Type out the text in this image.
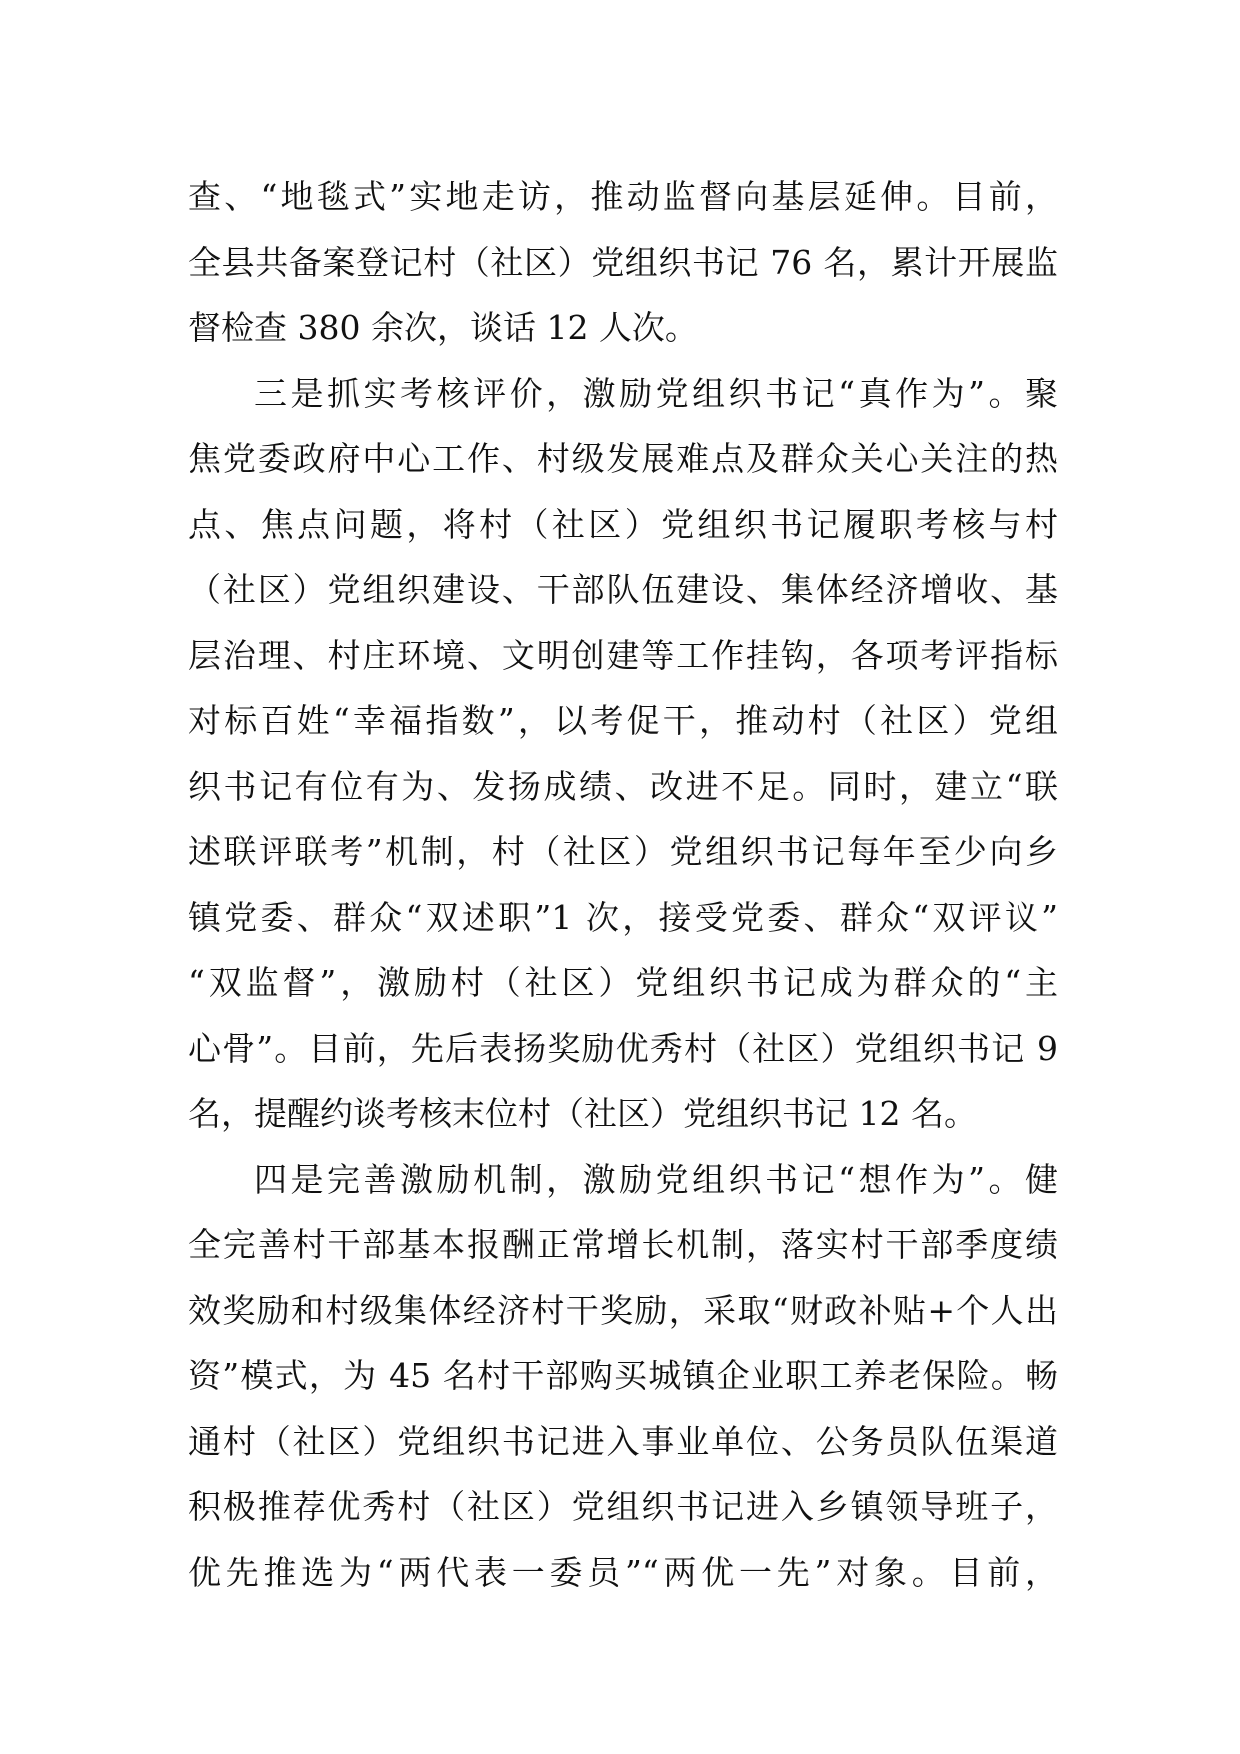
查、“地毯式”实地走访，推动监督向基层延伸。目前，
全县共备案登记村（社区）党组织书记 76 名，累计开展监
督检查 380 余次，谈话 12 人次。
三是抓实考核评价，激励党组织书记“真作为”。聚
焦党委政府中心工作、村级发展难点及群众关心关注的热
点、焦点问题，将村（社区）党组织书记履职考核与村
（社区）党组织建设、干部队伍建设、集体经济增收、基
层治理、村庄环境、文明创建等工作挂钩，各项考评指标
对标百姓“幸福指数”，以考促干，推动村（社区）党组
织书记有位有为、发扬成绩、改进不足。同时，建立“联
述联评联考”机制，村（社区）党组织书记每年至少向乡
镇党委、群众“双述职”1 次，接受党委、群众“双评议”
“双监督”，激励村（社区）党组织书记成为群众的“主
心骨”。目前，先后表扬奖励优秀村（社区）党组织书记 9
名，提醒约谈考核末位村（社区）党组织书记 12 名。
四是完善激励机制，激励党组织书记“想作为”。健
全完善村干部基本报酬正常增长机制，落实村干部季度绩
效奖励和村级集体经济村干奖励，采取“财政补贴+个人出
资”模式，为 45 名村干部购买城镇企业职工养老保险。畅
通村（社区）党组织书记进入事业单位、公务员队伍渠道
积极推荐优秀村（社区）党组织书记进入乡镇领导班子，
优先推选为“两代表一委员”“两优一先”对象。目前，
